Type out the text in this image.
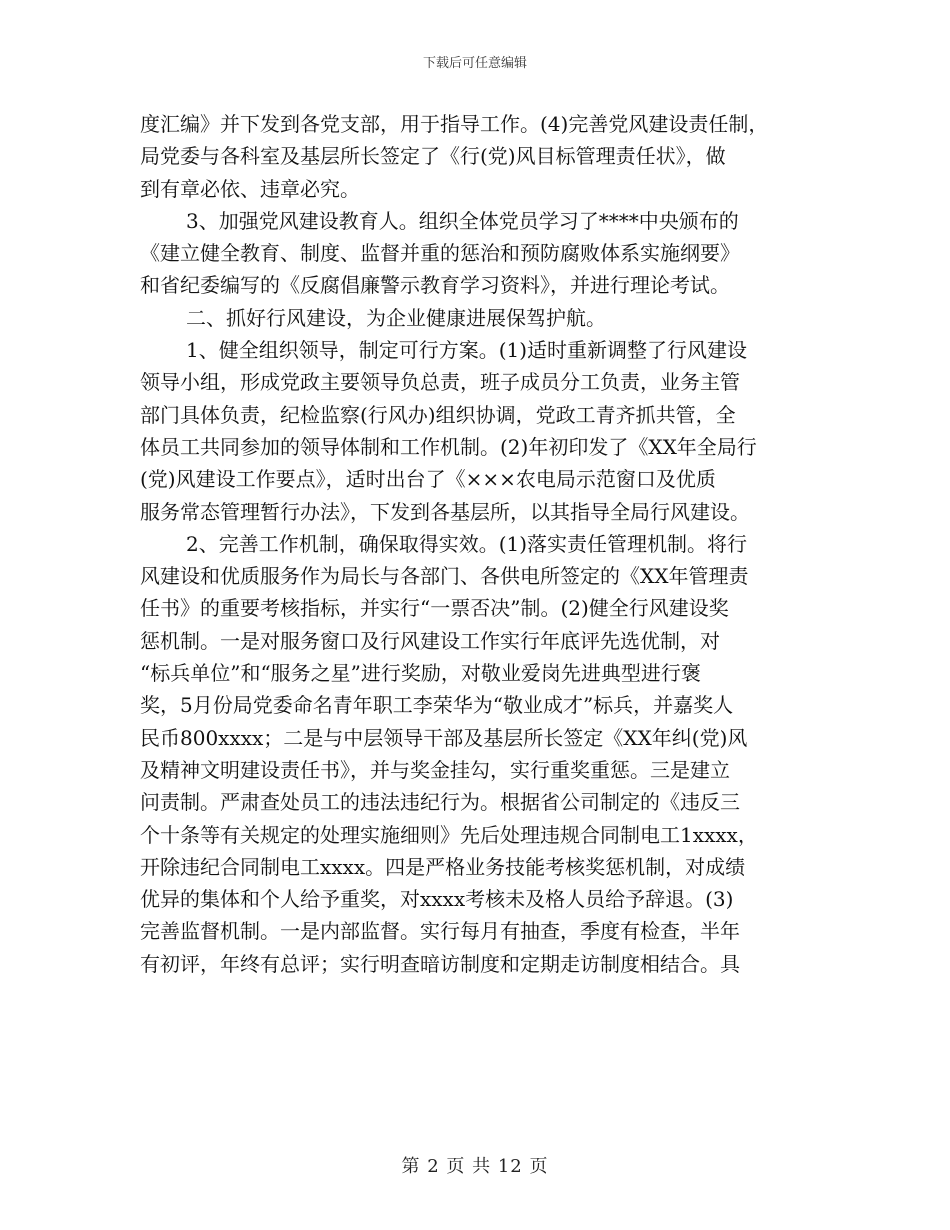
下载后可任意编辑
度汇编》并下发到各党支部，用于指导工作。(4)完善党风建设责任制，
局党委与各科室及基层所长签定了《行(党)风目标管理责任状》，做
到有章必依、违章必究。
3、加强党风建设教育人。组织全体党员学习了****中央颁布的
《建立健全教育、制度、监督并重的惩治和预防腐败体系实施纲要》
和省纪委编写的《反腐倡廉警示教育学习资料》，并进行理论考试。
二、抓好行风建设，为企业健康进展保驾护航。
1、健全组织领导，制定可行方案。(1)适时重新调整了行风建设
领导小组，形成党政主要领导负总责，班子成员分工负责，业务主管
部门具体负责，纪检监察(行风办)组织协调，党政工青齐抓共管，全
体员工共同参加的领导体制和工作机制。(2)年初印发了《XX年全局行
(党)风建设工作要点》，适时出台了《×××农电局示范窗口及优质
服务常态管理暂行办法》，下发到各基层所，以其指导全局行风建设。
2、完善工作机制，确保取得实效。(1)落实责任管理机制。将行
风建设和优质服务作为局长与各部门、各供电所签定的《XX年管理责
任书》的重要考核指标，并实行“一票否决”制。(2)健全行风建设奖
惩机制。一是对服务窗口及行风建设工作实行年底评先选优制，对
“标兵单位”和“服务之星”进行奖励，对敬业爱岗先进典型进行褒
奖，5月份局党委命名青年职工李荣华为“敬业成才”标兵，并嘉奖人
民币800xxxx；二是与中层领导干部及基层所长签定《XX年纠(党)风
及精神文明建设责任书》，并与奖金挂勾，实行重奖重惩。三是建立
问责制。严肃查处员工的违法违纪行为。根据省公司制定的《违反三
个十条等有关规定的处理实施细则》先后处理违规合同制电工1xxxx，
开除违纪合同制电工xxxx。四是严格业务技能考核奖惩机制，对成绩
优异的集体和个人给予重奖，对xxxx考核未及格人员给予辞退。(3)
完善监督机制。一是内部监督。实行每月有抽查，季度有检查，半年
有初评，年终有总评；实行明查暗访制度和定期走访制度相结合。具
第 2 页 共 12 页
